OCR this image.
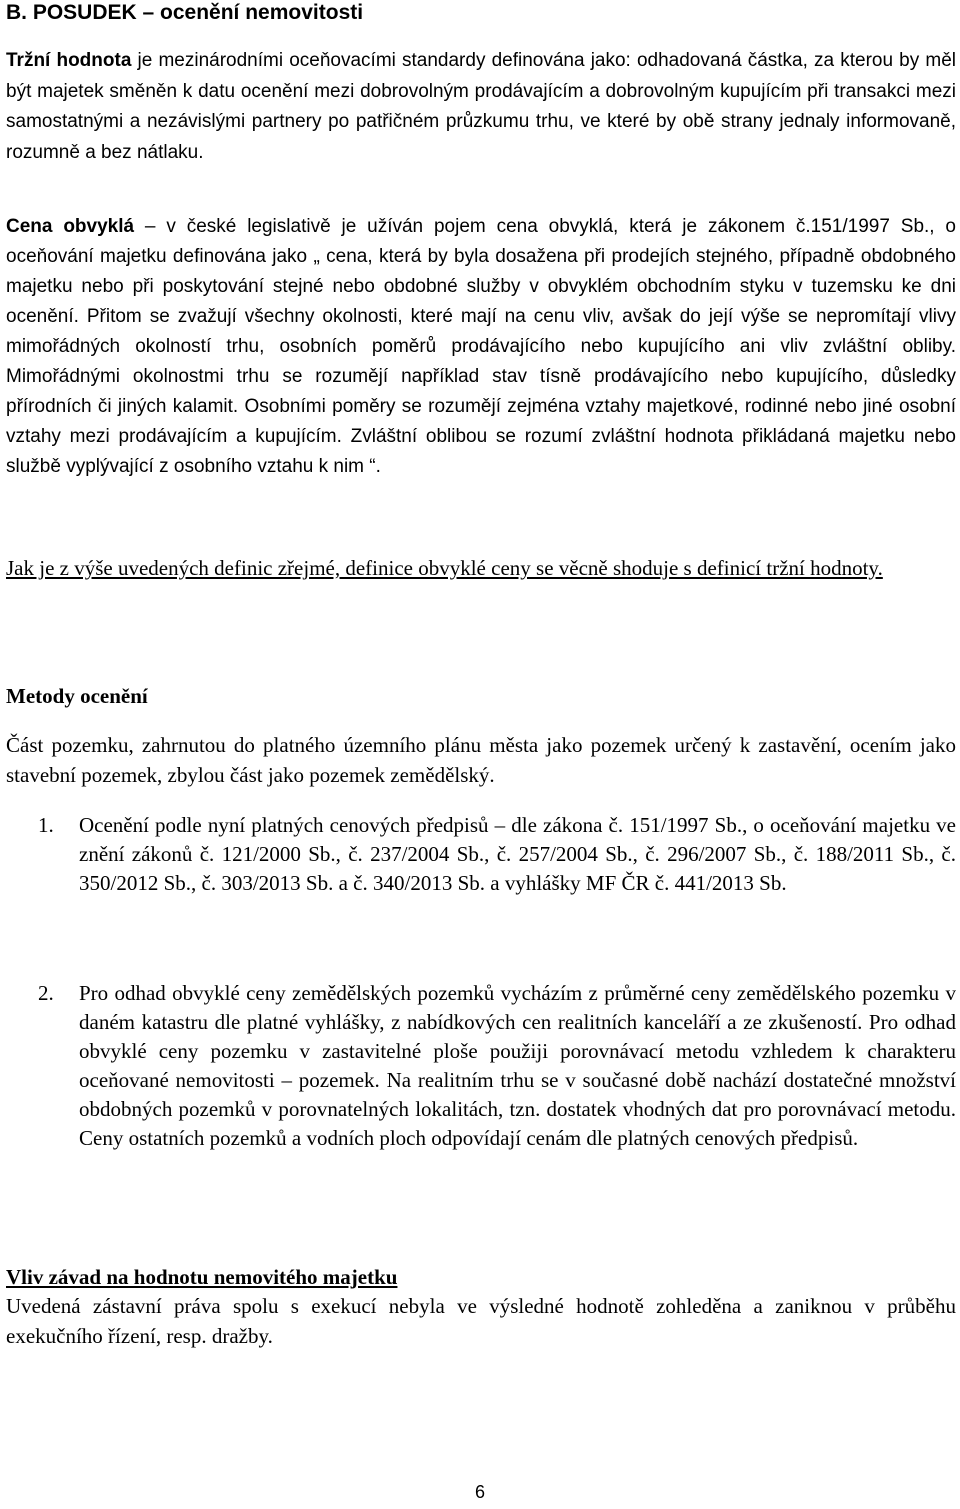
B. POSUDEK – ocenění nemovitosti
Tržní hodnota je mezinárodními oceňovacími standardy definována jako: odhadovaná částka, za kterou by měl být majetek směněn k datu ocenění mezi dobrovolným prodávajícím a dobrovolným kupujícím při transakci mezi samostatnými a nezávislými partnery po patřičném průzkumu trhu, ve které by obě strany jednaly informovaně, rozumně a bez nátlaku.
Cena obvyklá – v české legislativě je užíván pojem cena obvyklá, která je zákonem č.151/1997 Sb., o oceňování majetku definována jako „ cena, která by byla dosažena při prodejích stejného, případně obdobného majetku nebo při poskytování stejné nebo obdobné služby v obvyklém obchodním styku v tuzemsku ke dni ocenění. Přitom se zvažují všechny okolnosti, které mají na cenu vliv, avšak do její výše se nepromítají vlivy mimořádných okolností trhu, osobních poměrů prodávajícího nebo kupujícího ani vliv zvláštní obliby. Mimořádnými okolnostmi trhu se rozumějí například stav tísně prodávajícího nebo kupujícího, důsledky přírodních či jiných kalamit. Osobními poměry se rozumějí zejména vztahy majetkové, rodinné nebo jiné osobní vztahy mezi prodávajícím a kupujícím. Zvláštní oblibou se rozumí zvláštní hodnota přikládaná majetku nebo službě vyplývající z osobního vztahu k nim “.
Jak je z výše uvedených definic zřejmé, definice obvyklé ceny se věcně shoduje s definicí tržní hodnoty.
Metody ocenění
Část pozemku, zahrnutou do platného územního plánu města jako pozemek určený k zastavění, ocením jako stavební pozemek, zbylou část jako pozemek zemědělský.
1.	Ocenění podle nyní platných cenových předpisů – dle zákona č. 151/1997 Sb., o oceňování majetku ve znění zákonů č. 121/2000 Sb., č. 237/2004 Sb., č. 257/2004 Sb., č. 296/2007 Sb., č. 188/2011 Sb., č. 350/2012 Sb., č. 303/2013 Sb. a č. 340/2013 Sb. a vyhlášky MF ČR č. 441/2013 Sb.
2.	Pro odhad obvyklé ceny zemědělských pozemků vycházím z průměrné ceny zemědělského pozemku v daném katastru dle platné vyhlášky, z nabídkových cen realitních kanceláří a ze zkušeností. Pro odhad obvyklé ceny pozemku v zastavitelné ploše použiji porovnávací metodu vzhledem k charakteru oceňované nemovitosti – pozemek. Na realitním trhu se v současné době nachází dostatečné množství obdobných pozemků v porovnatelných lokalitách, tzn. dostatek vhodných dat pro porovnávací metodu. Ceny ostatních pozemků a vodních ploch odpovídají cenám dle platných cenových předpisů.
Vliv závad na hodnotu nemovitého majetku
Uvedená zástavní práva spolu s exekucí nebyla ve výsledné hodnotě zohleděna a zaniknou v průběhu exekučního řízení, resp. dražby.
6
